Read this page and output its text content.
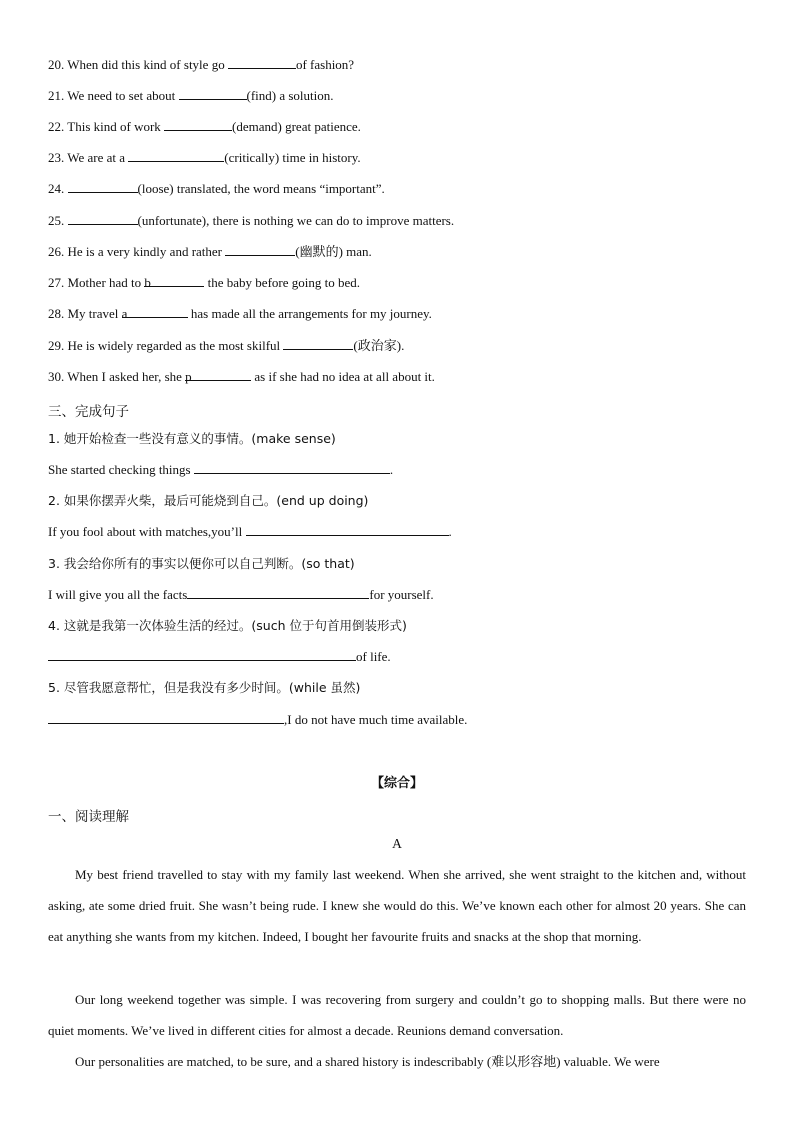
20. When did this kind of style go	of fashion?
21. We need to set about	(find) a solution.
22. This kind of work	(demand) great patience.
23. We are at a	(critically) time in history.
24.	(loose) translated, the word means “important”.
25.	(unfortunate), there is nothing we can do to improve matters.
26. He is a very kindly and rather	(幽默的) man.
27. Mother had to b	the baby before going to bed.
28. My travel a	has made all the arrangements for my journey.
29. He is widely regarded as the most skilful	(政治家).
30. When I asked her, she p	as if she had no idea at all about it.
三、完成句子
1. 她开始检查一些没有意义的事情。(make sense)
She started checking things	.
2. 如果你摆弄火柴，最后可能烧到自己。(end up doing)
If you fool about with matches,you’ll	.
3. 我会给你所有的事实以便你可以自己判断。(so that)
I will give you all the facts	for yourself.
4. 这就是我第一次体验生活的经过。(such 位于句首用倒装形式)
of life.
5. 尽管我愿意帮忙，但是我没有多少时间。(while 虽然)
,I do not have much time available.
【综合】
一、阅读理解
A
My best friend travelled to stay with my family last weekend. When she arrived, she went straight to the kitchen and, without asking, ate some dried fruit. She wasn’t being rude. I knew she would do this. We’ve known each other for almost 20 years. She can eat anything she wants from my kitchen. Indeed, I bought her favourite fruits and snacks at the shop that morning.
Our long weekend together was simple. I was recovering from surgery and couldn’t go to shopping malls. But there were no quiet moments. We’ve lived in different cities for almost a decade. Reunions demand conversation.
Our personalities are matched, to be sure, and a shared history is indescribably (难以形容地) valuable. We were
